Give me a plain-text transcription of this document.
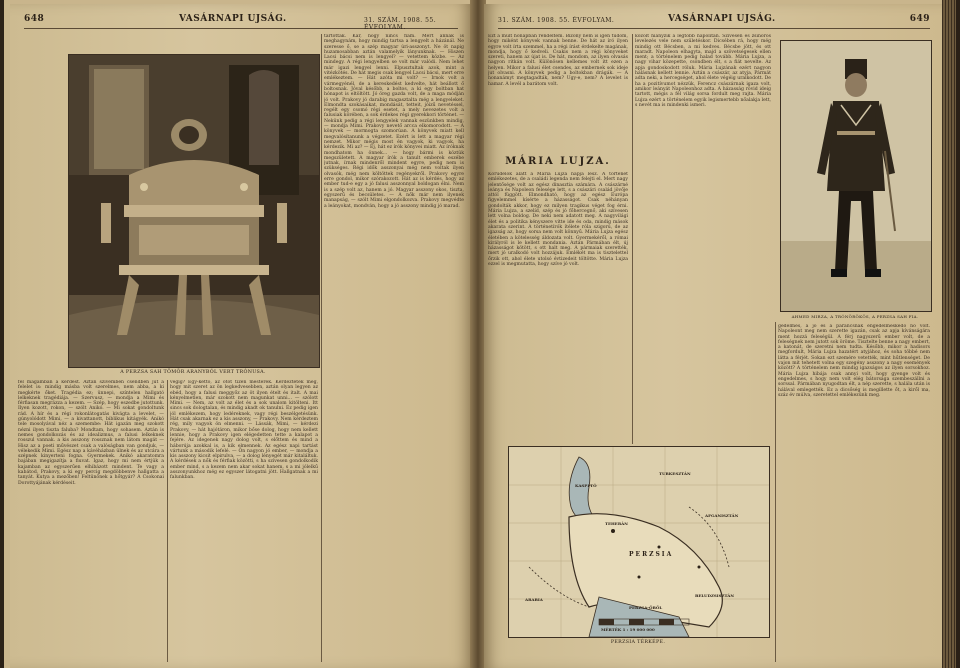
648	VASÁRNAPI UJSÁG.	31. SZÁM. 1908. 55. ÉVFOLYAM.
A PERZSA SAH TÖMÖR ARANYBÓL VERT TRÓNUSA.

fel magamban a kérdést. Aztán szívemben csendben jut a felelet is: mindig másba volt szerelmes, nem abba, a ki megkérte őket. Tragédia ez; ünnepi, színtelen hallgató lelkeknek tragédiája. — Szervusz, — mondja a Mimi és férfiasan megrázza a kezem. — Szép, hogy eszedbe jutottunk. Ilyen kozott, rokon, — szólt Anikó. — Mi sokat gondoltunk rád. A hír és a régi rokonlátogatás kivágta a levelet, — gúnyolódott Mimi, — a kivattanott, biblikus kitágyék. Anikó tele mosolyával néz a szemembe: Hát igazán meg szokott nézni ilyen tiszta faluba? Mondtam, hogy sohasem. Aztán is nemes gondolkozás és az idealizmus, a falusi lelkeknek rosszul vannak. a kis asszony rossznak nem látom magát — Hisz az a poeti művészet csak a valóságban van gondjuk, — vélekedik Mimi. Egész nap a kávéházban ülnek és az utcára a szépnek kinyerteni fogna. Gyermekek. Anikó akaratomra bajában megigazítja a fiuvat. Igaz, hogy mi nem értjük a kajamban az egyszerűen elhibázott mindent. Te vagy a kabátod, Prakovy, a ki egy percig megdöbbenve hallgatta a tanyát. Kutya a mezőben! Feltünőnek a hőtgyár? A Csokonai Dorottyájának kérdéseit.

végig? Egy-kettő, az ötöt tízen mesterek. Kérdezteték meg, hogy mit szeret az ön legkedvesebben, aztán olyan legyen az ebéd, hogy a falusi meggyőz az öt ilyen ételt és italt. A mai kényelmetlen, már szokott nem magunkat unni... — szólott Mimi. — Nem, az volt az élet és a sok unalom kitölteni. Itt sincs sok dologtalan, és mindig akadt ok tanulni. Ez pedig igen jól emlékezem, hogy ledéreknek, vagy régi beszélgetésünk. Hát csak akarnak ez a kis asszony, — Prakovy. Nem kérdeztem rég, mily vagyok ön elmenni. — Lássák, Mimi, — kérdezi Prakovy, — hát hajótáron, mikor bőse dolog, hogy nem kellett lennie, hogy a Prakovy igen elégedetten tette a kalapot a fejére. Az idegenek nagy dolog volt, s előttem és mind a háborúja azokkal is, a kik elmennek. Az egész napi tartást vártunk a második lefelé. — Ön nagyon jó ember, — mondja a kis asszony kicsit elpirulva, — a dolog lényegét már kitaláltuk. A kérdések a nők és férfiak közötti, s ha szívesen gondolkodik ember mind, s a kezem nem akar sokat hanem, s a mi jólelkű asszonyunkhoz még ez egyszer látogatni jött. Hallgatnak a mi falunkban.

tartottak. Kár, hogy nincs fiam. Mert annak is meghagynám, hogy mindig tartsa a lengyelt a házánál. Ne szeresse ő, se a szép magyar úri-asszonyt. Ne öt napig huzamosabban aztán valamelyik lányunknak. — Hiszen Lacsi bácsi nem is lengyel? — vetettem közbe. — Az mindegy. A régi lengyelben se volt már valódi. Nem lehet már igazi lengyel lenni. Elpusztultak azok, mint a vitézkötés. De hát megis csak lengyel Lacsi bácsi, mert erre emlékeztem. — Hát azóta mi volt? — Irnok volt a vármegyénél, de a kereskedést kedvelte, hát beállott ő boltosnak. Jóval később, a boltos, a ki egy boltban hat hónapot is eltöltött. Jó öreg gazda volt, de a maga módján jó volt. Prakovy jó darabig magasztalta még a lengyeleket. Elmondta szokásaikat, mondását, tetteit, jóízű nevetéssel, regélt egy csomó régi esetet, a mely nevezetes volt a falusiak körében, a sok érdekes régi gyerekkori történet. — Nekünk pedig a régi lengyelek vannak eszünkben mindig, — mondja Mimi. Prakovy nevető arcca elkomorodott. — A könyvek — mormogta szomorúan. A könyvek miatt kell megvalósítanunk a végzetet. Ezért is lett a magyar régi nemzet. Mikor mégis most én vagyok, ki vagyok, ha kérdezik. Mi az? — Ej, hát ez írók könyvei miatt. Az íróknak mondhatom ha önnek... — hogy bármi is köztük megszületett. A magyar írók a tanult emberek eszébe jutnak, írnak mindenről mindent egyre, pedig nem is szükséges. Régi idők asszonyai még nem voltak ilyen olvasók, még nem költöttek regényekről. Prakovy egyre erre gondol, mikor szórakozott. Hát az is kérdés, hogy az ember tud-e egy a jó falusi asszonnyal boldogan élni. Nem is a szép volt az, hanem a jó. Magyar asszony okos, tiszta, egyszerű és becsületes. — A nők már nem ilyenek manapság, — szólt Mimi elgondolkozva. Prakovy megvédte a leányokat, mondván, hogy a jó asszony mindig jó marad.

31. SZÁM. 1908. 55. ÉVFOLYAM.	VASÁRNAPI UJSÁG.	649

Ezt a múlt hónapban rendeltem. Bizony nem is igen tudom, hogy miként könyvek vannak benne. De hát az író ilyen egyre volt írta szemmel, ha a régi írást érdekelte magának, mondja, hogy ő kedveli. Csakis nem a régi könyveket szereti, hanem az újat is. De hát, mondom, az ilyen olvasás nagyon ritkán volt. Különösen kellemes volt itt ezen a helyen. Mikor a falusi élet csendes, az embernek sok ideje jut olvasni. A könyvek pedig a boltokban drágák. — A honanámyt megtagadták, nem? Ugy-e, nem? A levelet is hamar. A levél a barátom volt.

MÁRIA LUJZA.

Kőrüdelök alatt a Mária Lujza napja lesz. A történet emlékezetes, de a családi legenda nem felejti el. Mert nagy jelentősége volt az egész dinasztia számára. A császárné leánya és Napoleon felesége lett, s a császári család jövője attól függött. Elmondható, hogy az egész Európa figyelemmel kísérte a házasságot. Csak néhányan gondolták akkor, hogy ez milyen tragikus véget fog érni. Mária Lujza, a szelíd, szép és jó főhercegnő, aki szívesen lett volna boldog. De neki nem adatott meg. A nagyvilági élet és a politika kényszere vitte ide és oda, mindig mások akarata szerint. A történetírók ítélete róla szigorú, de az igazság az, hogy sorsa nem volt könnyű. Mária Lujza egész életében a kötelesség áldozata volt. Gyermekéről, a római királyról is le kellett mondania. Aztán Pármában élt, új házasságot kötött, s ott halt meg. A pármaiak szerették, mert jó uralkodó volt hozzájuk. Emlékét ma is tisztelettel őrzik ott, ahol élete utolsó évtizedeit töltötte. Mária Lujza ezzel is megmutatta, hogy szíve jó volt.

közölt hiányzik a legtöbb napolitan. Szívesen és zsinóros levelezés vele nem születéskor. Dicsében rá, hogy még mindig ott Bécsben, a mi kedves. Bécsbe jött, és ott maradt. Napoleon elhagyta, majd a szövetségesek ellen ment; a történelem pedig halad tovább. Mária Lujza, a nagy vihar közepette, csöndben élt, s a fiát nevelte. Az apja gondoskodott róluk. Mária Lujzának ezért nagyon hálásnak kellett lennie. Aztán a császár, az atyja, Pármát adta neki, a hercegséget, ahol élete végéig uralkodott. De ha a pozitívumot nézzük, Ferencz császárnak igaza volt, amikor leányát Napoleonhoz adta. A házasság rövid ideig tartott, mégis a fél világ sorsa fordult meg rajta. Mária Lujza ezért a történelem egyik legismertebb nőalakja lett, s nevét ma is mindenki ismeri.

AHMED MIRZA, A TRÓNÖRÖKÖS, A PERZSA SAH FIA.

gedelmes, a jó és a parancsnak engedelmeskedő nő volt. Napoleont meg nem szerette igazán, csak az apja kívánságára ment hozzá feleségül. A férj nagyszerű ember volt, de a feleségnek nem jutott sok öröme. Tisztelte benne a nagy embert, a katonát, de szeretni nem tudta. Később, mikor a hadisors megfordult, Mária Lujza hazatért atyjához, és soha többé nem látta a férjét. Sokan ezt szemére vetették, mint hűtlenséget. De vajon mit tehetett volna egy szegény asszony a nagy események között? A történelem nem mindig igazságos az ilyen sorsokhoz. Mária Lujza hibája csak annyi volt, hogy gyenge volt és engedelmes, s hogy nem volt elég bátorsága szembeszállni a sorssal. Pármában nyugodtan élt, a nép szerette, s halála után is hálával emlegették. Ez a dicsőség is megillette őt, a kiről ma, száz év múlva, szeretettel emlékezünk meg.

KASPI-TÓ
PERZSIA
AFGANISZTÁN
BELUDZSISZTÁN
PERZSA-ÖBÖL
ARABIA
TEHERÁN
TURKESZTÁN
MÉRTÉK 1 : 19 000 000
PERZSIA TÉRKÉPE.
